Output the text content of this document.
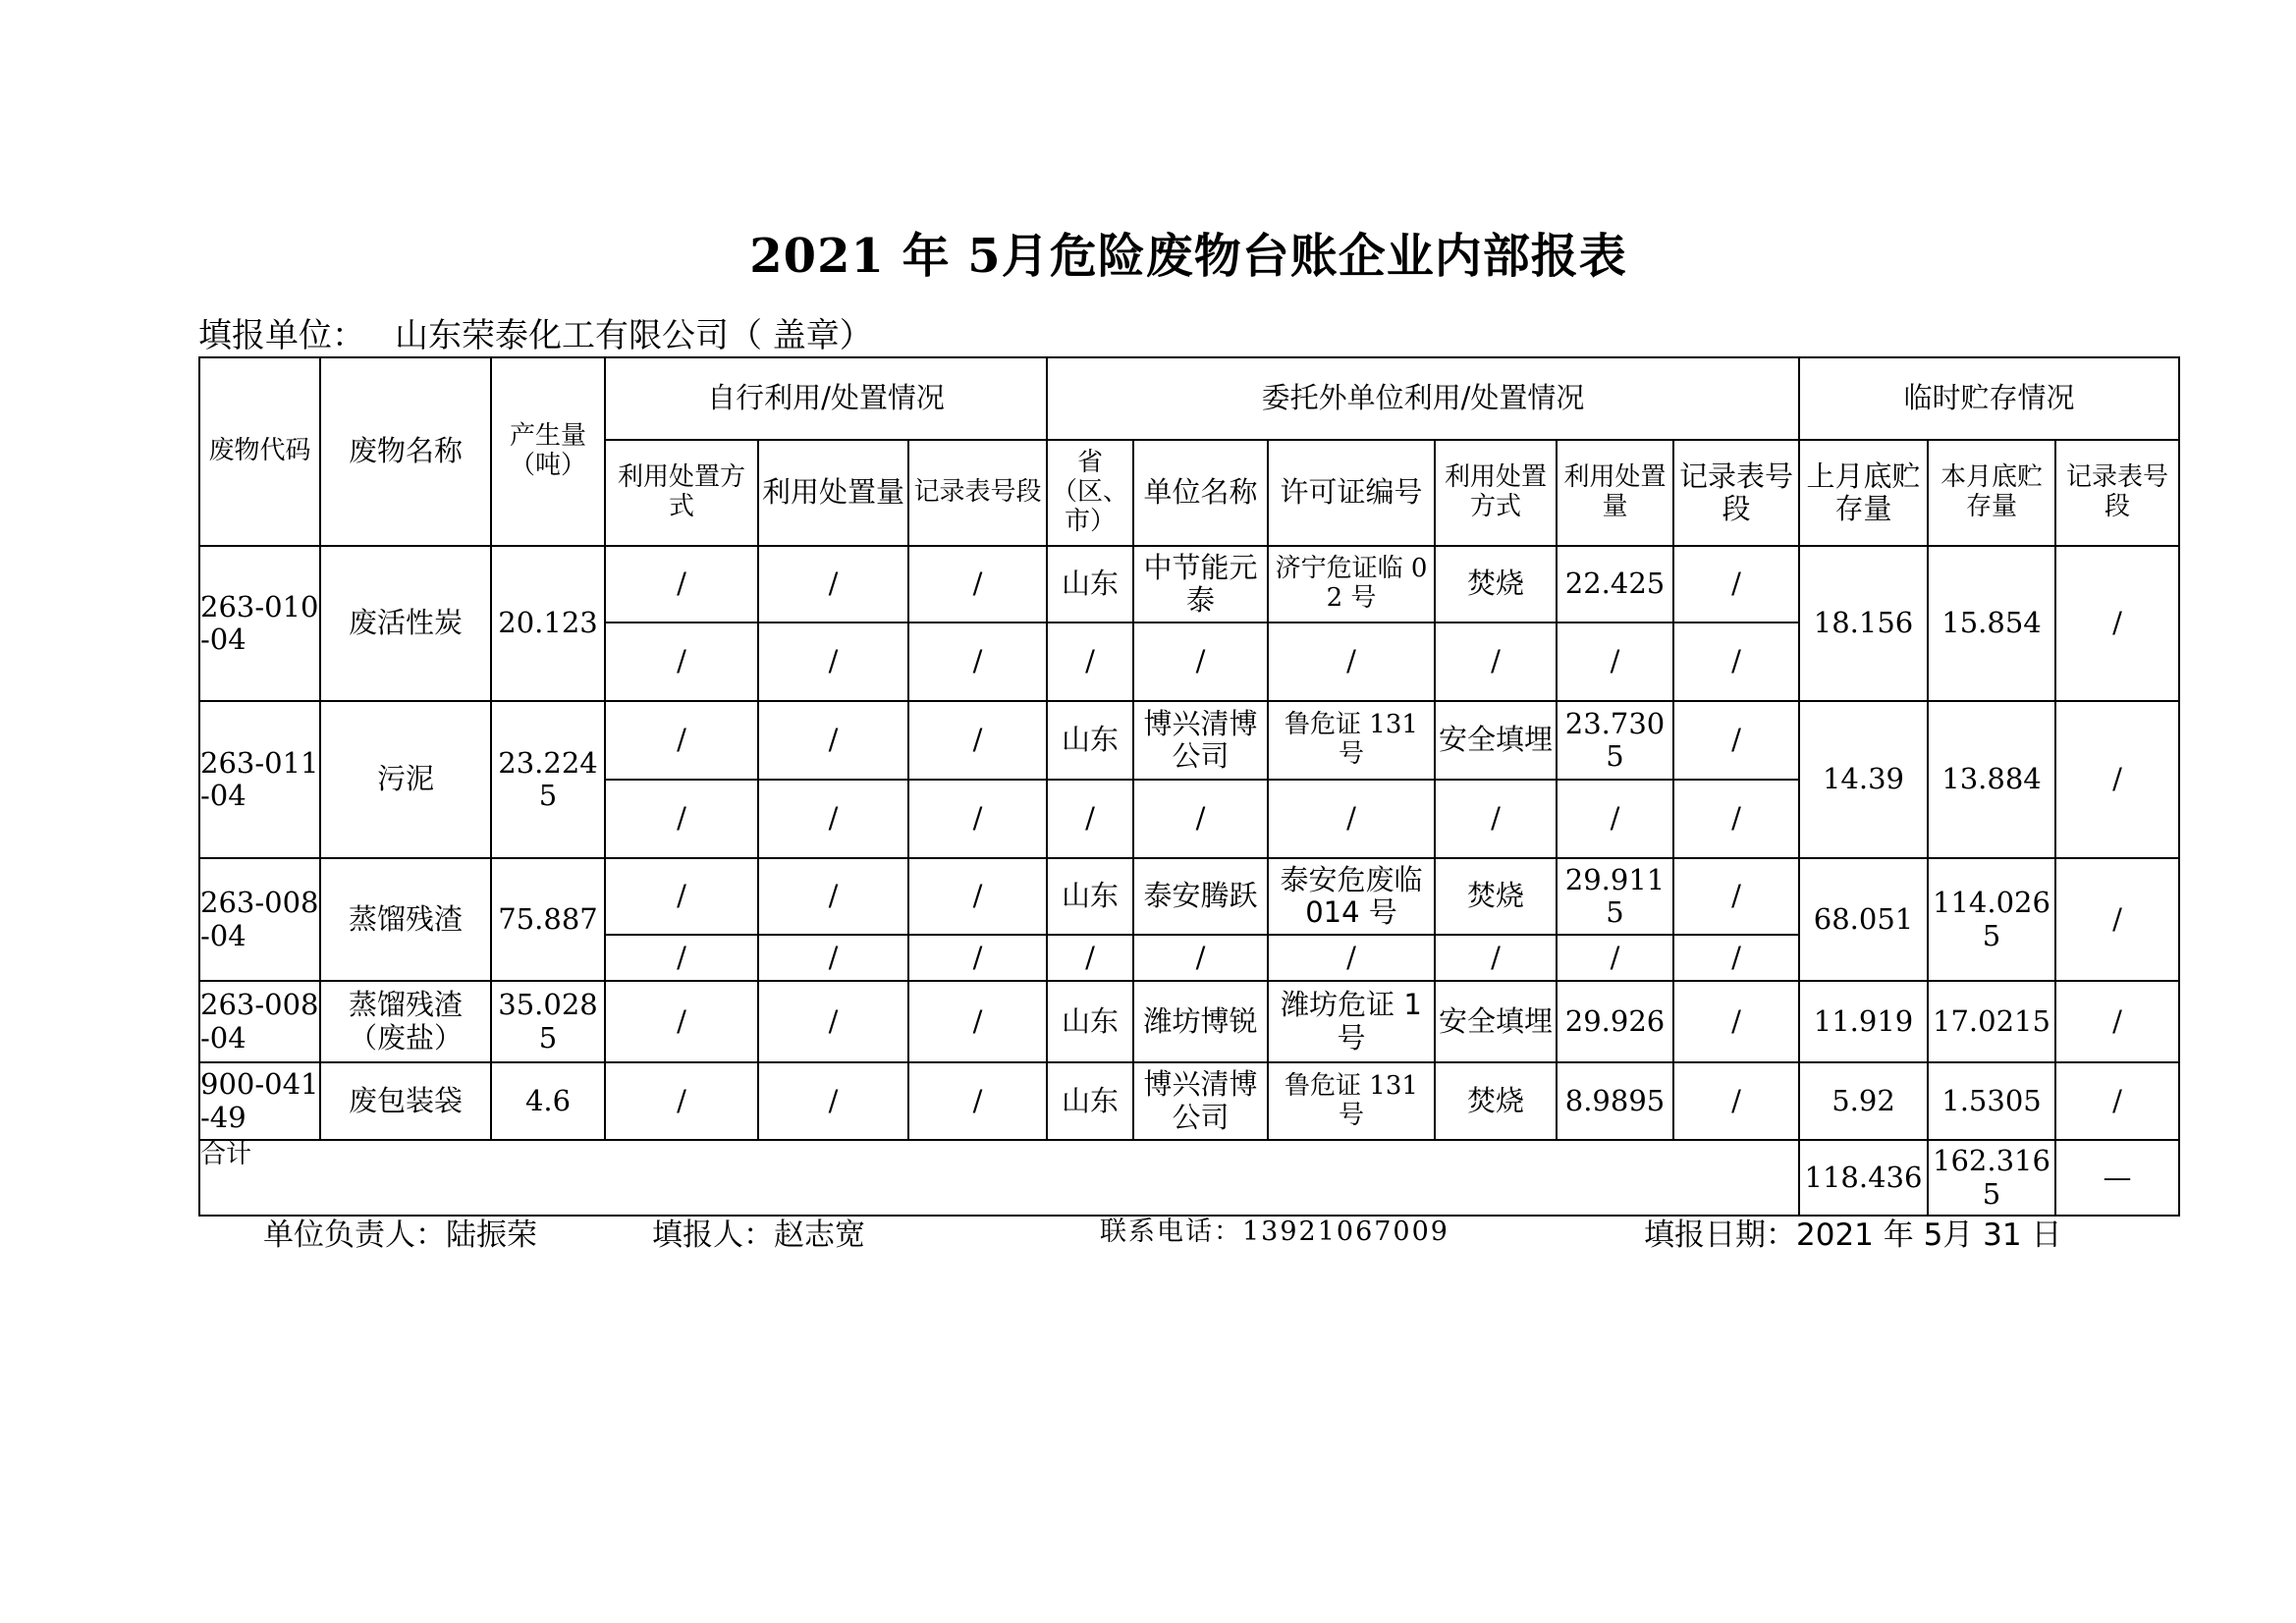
2021 年 5月危险废物台账企业内部报表
填报单位： 山东荣泰化工有限公司（ 盖章）
废物代码	废物名称	产生量（吨）	自行利用/处置情况			委托外单位利用/处置情况						临时贮存情况		
			利用处置方式	利用处置量	记录表号段	省（区、市）	单位名称	许可证编号	利用处置方式	利用处置量	记录表号段	上月底贮存量	本月底贮存量	记录表号段
263-010-04	废活性炭	20.123	/	/	/	山东	中节能元泰	济宁危证临 02 号	焚烧	22.425	/	18.156	15.854	/
			/	/	/	/	/	/	/	/	/			
263-011-04	污泥	23.2245	/	/	/	山东	博兴清博公司	鲁危证 131 号	安全填埋	23.7305	/	14.39	13.884	/
			/	/	/	/	/	/	/	/	/			
263-008-04	蒸馏残渣	75.887	/	/	/	山东	泰安腾跃	泰安危废临 014 号	焚烧	29.9115	/	68.051	114.0265	/
			/	/	/	/	/	/	/	/	/			
263-008-04	蒸馏残渣（废盐）	35.0285	/	/	/	山东	潍坊博锐	潍坊危证 1 号	安全填埋	29.926	/	11.919	17.0215	/
900-041-49	废包装袋	4.6	/	/	/	山东	博兴清博公司	鲁危证 131 号	焚烧	8.9895	/	5.92	1.5305	/
合计												118.436	162.3165	—
单位负责人：陆振荣	填报人：赵志宽	联系电话：13921067009	填报日期：2021 年 5月 31 日
